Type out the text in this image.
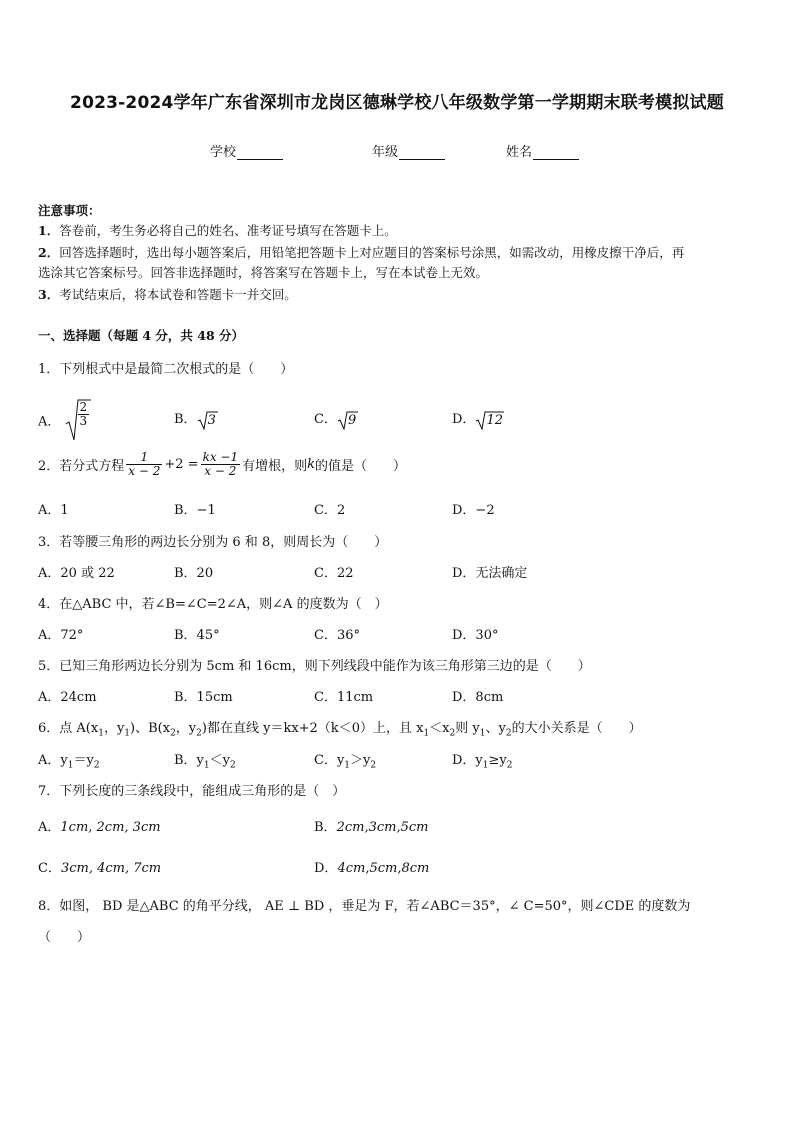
2023-2024学年广东省深圳市龙岗区德琳学校八年级数学第一学期期末联考模拟试题
学校	年级	姓名
注意事项：
1．答卷前，考生务必将自己的姓名、准考证号填写在答题卡上。
2．回答选择题时，选出每小题答案后，用铅笔把答题卡上对应题目的答案标号涂黑，如需改动，用橡皮擦干净后，再
选涂其它答案标号。回答非选择题时，将答案写在答题卡上，写在本试卷上无效。
3．考试结束后，将本试卷和答题卡一并交回。
一、选择题（每题 4 分，共 48 分）
1．下列根式中是最简二次根式的是（　　）
A． $\frac{2}{3}$	B． 3	C． 9	D． 12
2．若分式方程 $\frac{1}{x - 2} +2 = \frac{kx -1}{x - 2}$ 有增根，则k的值是（　　）
A．1	B．−1	C．2	D．−2
3．若等腰三角形的两边长分别为 6 和 8，则周长为（　　）
A．20 或 22	B．20	C．22	D．无法确定
4．在△ABC 中，若∠B=∠C=2∠A，则∠A 的度数为（　）
A．72°	B．45°	C．36°	D．30°
5．已知三角形两边长分别为 5cm 和 16cm，则下列线段中能作为该三角形第三边的是（　　）
A．24cm	B．15cm	C．11cm	D．8cm
6．点 $A(x_1$，$y_1$)、$B(x_2$，$y_2$)都在直线 y＝kx+2（k＜0）上，且 $x_1<x_2$则 $y_1$、$y_2$的大小关系是（　　）
A．$y_1=y_2$	B．$y_1<y_2$	C．$y_1>y_2$	D．$y_1\ge y_2$
7．下列长度的三条线段中，能组成三角形的是（　）
A．1cm, 2cm, 3cm	B．2cm,3cm,5cm
C．3cm, 4cm, 7cm	D．4cm,5cm,8cm
8．如图， BD 是△ABC 的角平分线， AE ⊥ BD ，垂足为 F，若∠ABC＝35°，∠ C=50°，则∠CDE 的度数为
（　　）
